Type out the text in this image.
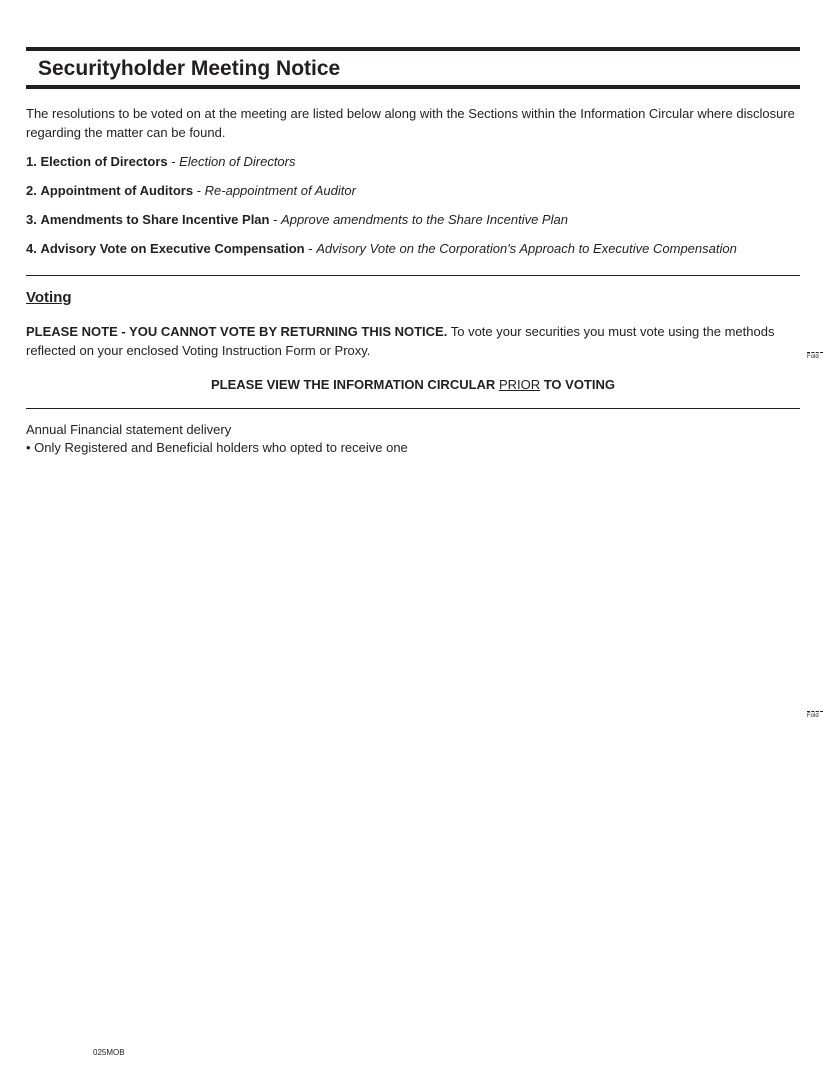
Securityholder Meeting Notice

The resolutions to be voted on at the meeting are listed below along with the Sections within the Information Circular where disclosure regarding the matter can be found.

1. Election of Directors - Election of Directors

2. Appointment of Auditors - Re-appointment of Auditor

3. Amendments to Share Incentive Plan - Approve amendments to the Share Incentive Plan

4. Advisory Vote on Executive Compensation - Advisory Vote on the Corporation's Approach to Executive Compensation

Voting

PLEASE NOTE - YOU CANNOT VOTE BY RETURNING THIS NOTICE. To vote your securities you must vote using the methods reflected on your enclosed Voting Instruction Form or Proxy.

PLEASE VIEW THE INFORMATION CIRCULAR PRIOR TO VOTING

Annual Financial statement delivery
• Only Registered and Beneficial holders who opted to receive one
Fold
Fold
025MOB
